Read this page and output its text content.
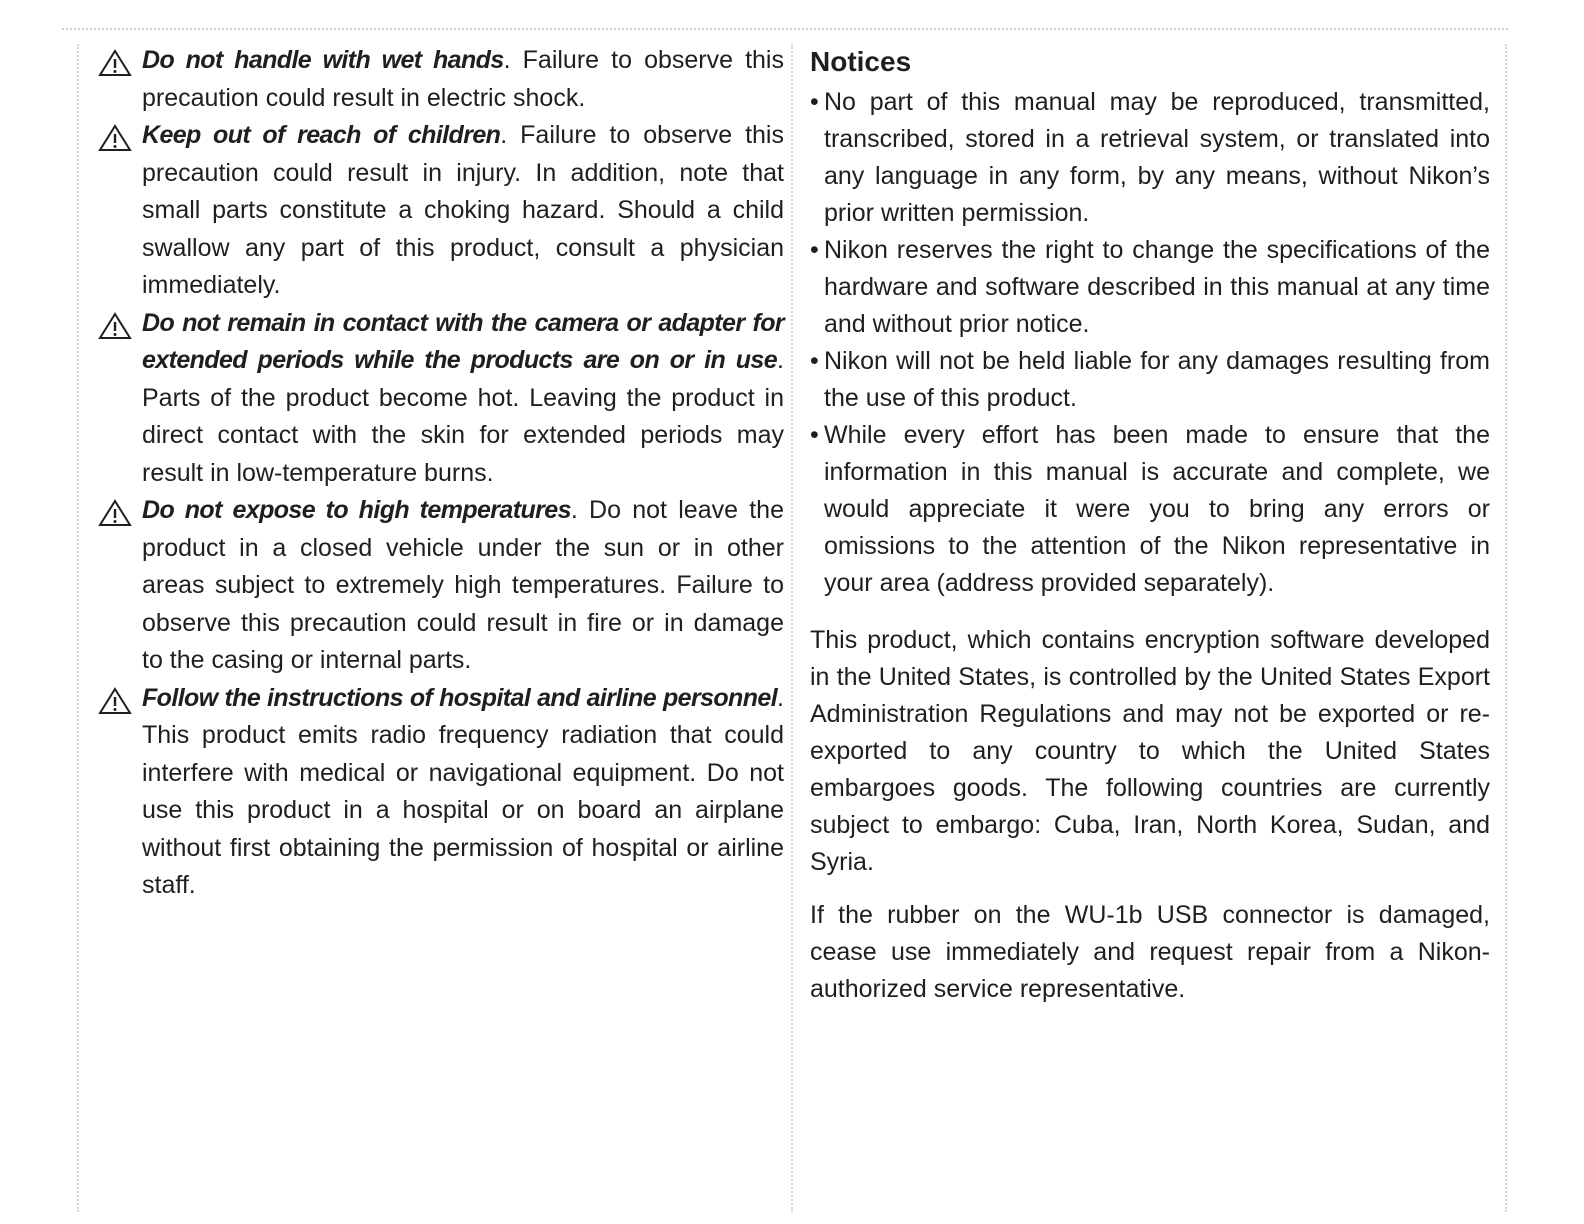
Do not handle with wet hands. Failure to observe this precaution could result in electric shock.
Keep out of reach of children. Failure to observe this precaution could result in injury. In addition, note that small parts constitute a choking hazard. Should a child swallow any part of this product, consult a physician immediately.
Do not remain in contact with the camera or adapter for extended periods while the products are on or in use. Parts of the product become hot. Leaving the product in direct contact with the skin for extended periods may result in low-temperature burns.
Do not expose to high temperatures. Do not leave the product in a closed vehicle under the sun or in other areas subject to extremely high temperatures. Failure to observe this precaution could result in fire or in damage to the casing or internal parts.
Follow the instructions of hospital and airline personnel. This product emits radio frequency radiation that could interfere with medical or navigational equipment. Do not use this product in a hospital or on board an airplane without first obtaining the permission of hospital or airline staff.
Notices
• No part of this manual may be reproduced, transmitted, transcribed, stored in a retrieval system, or translated into any language in any form, by any means, without Nikon’s prior written permission.
• Nikon reserves the right to change the specifications of the hardware and software described in this manual at any time and without prior notice.
• Nikon will not be held liable for any damages resulting from the use of this product.
• While every effort has been made to ensure that the information in this manual is accurate and complete, we would appreciate it were you to bring any errors or omissions to the attention of the Nikon representative in your area (address provided separately).

This product, which contains encryption software developed in the United States, is controlled by the United States Export Administration Regulations and may not be exported or re-exported to any country to which the United States embargoes goods. The following countries are currently subject to embargo: Cuba, Iran, North Korea, Sudan, and Syria.

If the rubber on the WU-1b USB connector is damaged, cease use immediately and request repair from a Nikon-authorized service representative.
